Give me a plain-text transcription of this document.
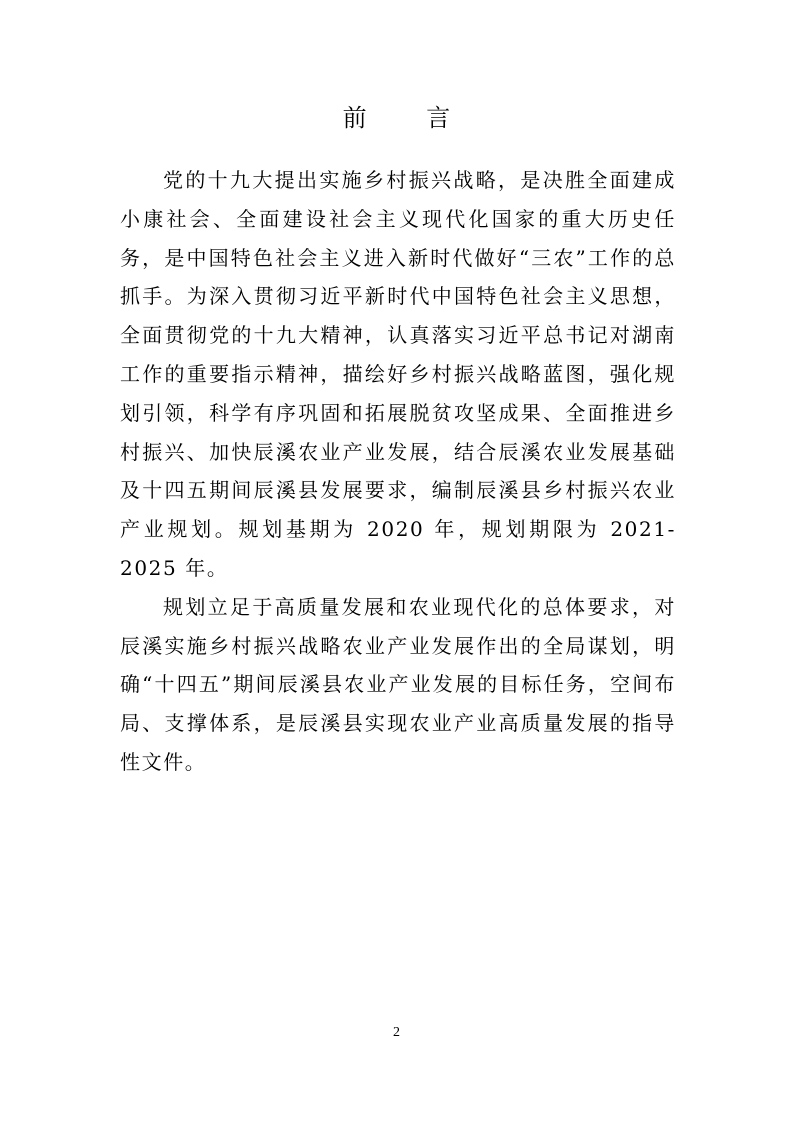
前 言

党的十九大提出实施乡村振兴战略，是决胜全面建成小康社会、全面建设社会主义现代化国家的重大历史任务，是中国特色社会主义进入新时代做好“三农”工作的总抓手。为深入贯彻习近平新时代中国特色社会主义思想，全面贯彻党的十九大精神，认真落实习近平总书记对湖南工作的重要指示精神，描绘好乡村振兴战略蓝图，强化规划引领，科学有序巩固和拓展脱贫攻坚成果、全面推进乡村振兴、加快辰溪农业产业发展，结合辰溪农业发展基础及十四五期间辰溪县发展要求，编制辰溪县乡村振兴农业产业规划。规划基期为 2020 年，规划期限为 2021-2025 年。

规划立足于高质量发展和农业现代化的总体要求，对辰溪实施乡村振兴战略农业产业发展作出的全局谋划，明确“十四五”期间辰溪县农业产业发展的目标任务，空间布局、支撑体系，是辰溪县实现农业产业高质量发展的指导性文件。

2
